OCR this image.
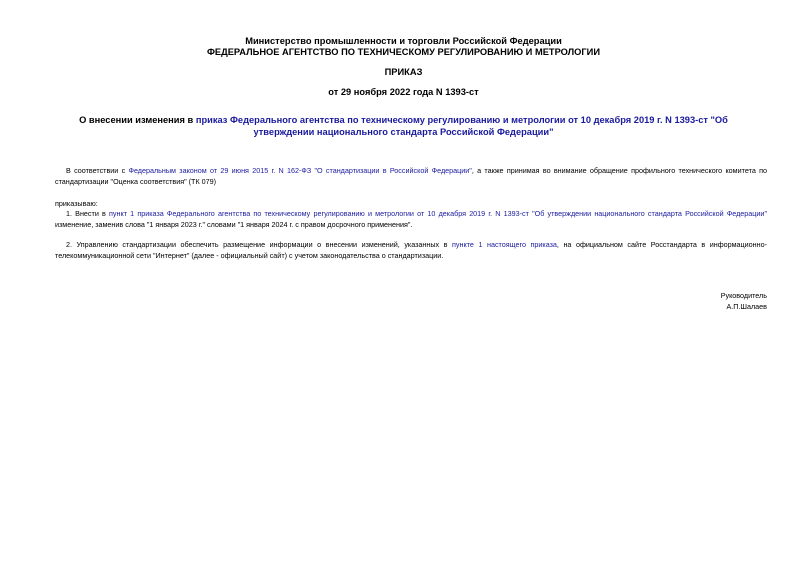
Министерство промышленности и торговли Российской Федерации
ФЕДЕРАЛЬНОЕ АГЕНТСТВО ПО ТЕХНИЧЕСКОМУ РЕГУЛИРОВАНИЮ И МЕТРОЛОГИИ
ПРИКАЗ
от 29 ноября 2022 года N 1393-ст
О внесении изменения в приказ Федерального агентства по техническому регулированию и метрологии от 10 декабря 2019 г. N 1393-ст "Об утверждении национального стандарта Российской Федерации"
В соответствии с Федеральным законом от 29 июня 2015 г. N 162-ФЗ "О стандартизации в Российской Федерации", а также принимая во внимание обращение профильного технического комитета по стандартизации "Оценка соответствия" (ТК 079)
приказываю:
1. Внести в пункт 1 приказа Федерального агентства по техническому регулированию и метрологии от 10 декабря 2019 г. N 1393-ст "Об утверждении национального стандарта Российской Федерации" изменение, заменив слова "1 января 2023 г." словами "1 января 2024 г. с правом досрочного применения".
2. Управлению стандартизации обеспечить размещение информации о внесении изменений, указанных в пункте 1 настоящего приказа, на официальном сайте Росстандарта в информационно-телекоммуникационной сети "Интернет" (далее - официальный сайт) с учетом законодательства о стандартизации.
Руководитель
А.П.Шалаев
